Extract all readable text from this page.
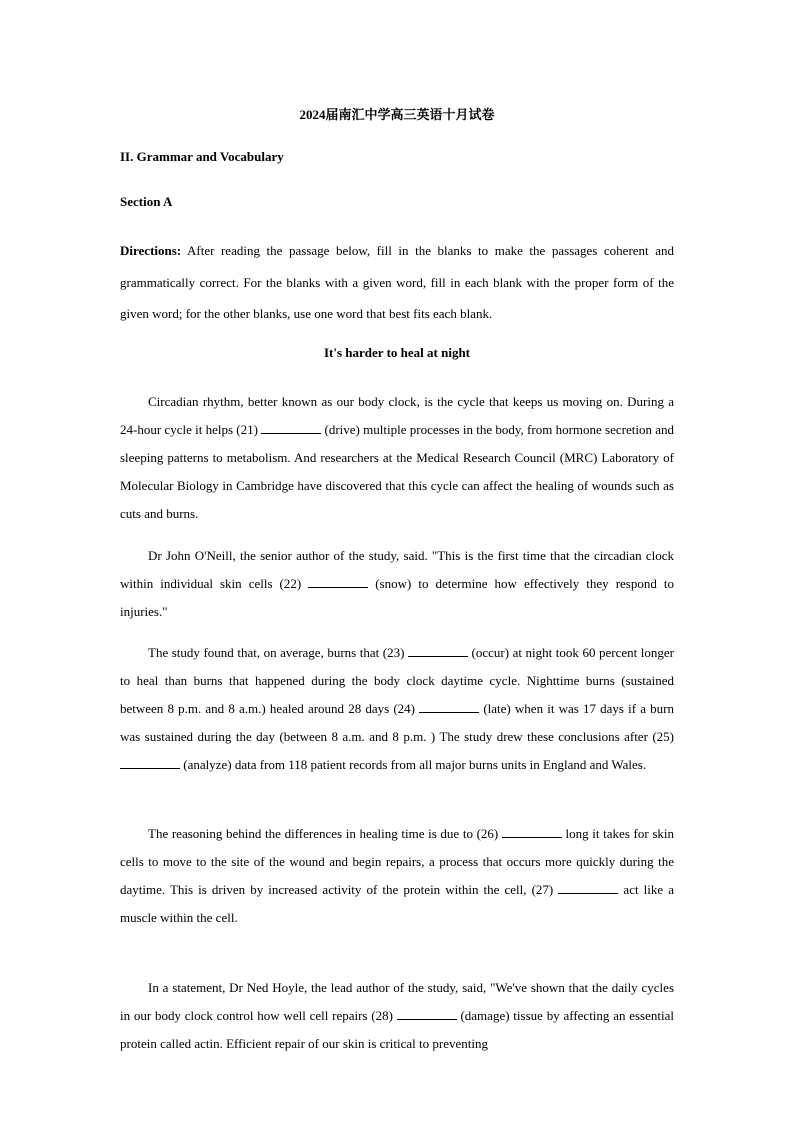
2024届南汇中学高三英语十月试卷
II. Grammar and Vocabulary
Section A
Directions: After reading the passage below, fill in the blanks to make the passages coherent and grammatically correct. For the blanks with a given word, fill in each blank with the proper form of the given word; for the other blanks, use one word that best fits each blank.
It's harder to heal at night
Circadian rhythm, better known as our body clock, is the cycle that keeps us moving on. During a 24-hour cycle it helps (21)	(drive) multiple processes in the body, from hormone secretion and sleeping patterns to metabolism. And researchers at the Medical Research Council (MRC) Laboratory of Molecular Biology in Cambridge have discovered that this cycle can affect the healing of wounds such as cuts and burns.
Dr John O'Neill, the senior author of the study, said. "This is the first time that the circadian clock within individual skin cells (22)	(snow) to determine how effectively they respond to injuries."
The study found that, on average, burns that (23)	(occur) at night took 60 percent longer to heal than burns that happened during the body clock daytime cycle. Nighttime burns (sustained between 8 p.m. and 8 a.m.) healed around 28 days (24)	(late) when it was 17 days if a burn was sustained during the day (between 8 a.m. and 8 p.m. ) The study drew these conclusions after (25)  (analyze) data from 118 patient records from all major burns units in England and Wales.
The reasoning behind the differences in healing time is due to (26)	long it takes for skin cells to move to the site of the wound and begin repairs, a process that occurs more quickly during the daytime. This is driven by increased activity of the protein within the cell, (27)	act like a muscle within the cell.
In a statement, Dr Ned Hoyle, the lead author of the study, said, "We've shown that the daily cycles in our body clock control how well cell repairs (28)	(damage) tissue by affecting an essential protein called actin. Efficient repair of our skin is critical to preventing
